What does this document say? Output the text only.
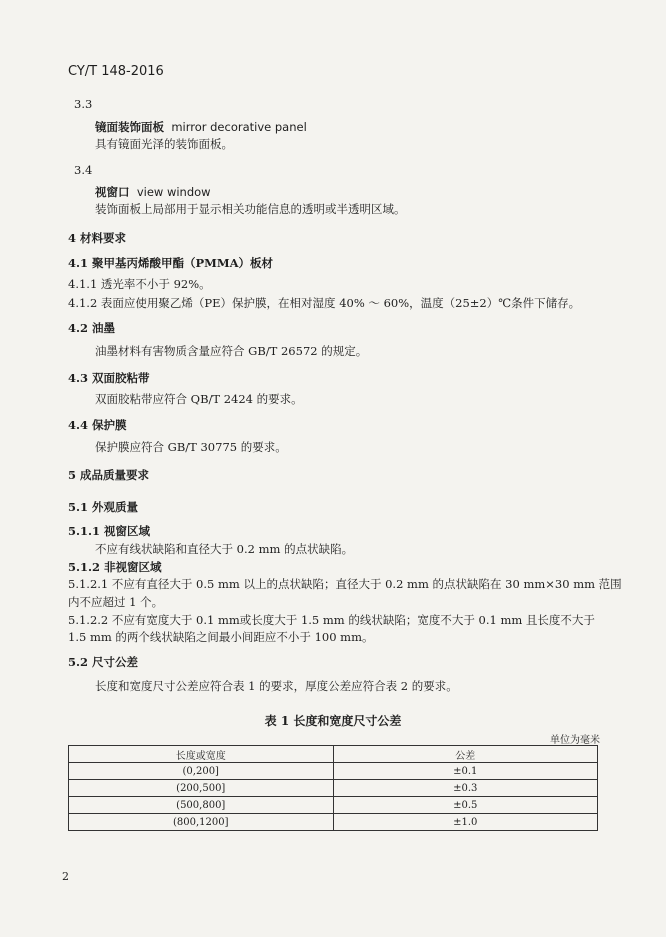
CY/T 148-2016
3.3
镜面装饰面板 mirror decorative panel
具有镜面光泽的装饰面板。
3.4
视窗口 view window
装饰面板上局部用于显示相关功能信息的透明或半透明区域。
4 材料要求
4.1 聚甲基丙烯酸甲酯（PMMA）板材
4.1.1 透光率不小于 92%。
4.1.2 表面应使用聚乙烯（PE）保护膜，在相对湿度 40% ～ 60%，温度（25±2）℃条件下储存。
4.2 油墨
油墨材料有害物质含量应符合 GB/T 26572 的规定。
4.3 双面胶粘带
双面胶粘带应符合 QB/T 2424 的要求。
4.4 保护膜
保护膜应符合 GB/T 30775 的要求。
5 成品质量要求
5.1 外观质量
5.1.1 视窗区域
不应有线状缺陷和直径大于 0.2 mm 的点状缺陷。
5.1.2 非视窗区域
5.1.2.1 不应有直径大于 0.5 mm 以上的点状缺陷；直径大于 0.2 mm 的点状缺陷在 30 mm×30 mm 范围
内不应超过 1 个。
5.1.2.2 不应有宽度大于 0.1 mm或长度大于 1.5 mm 的线状缺陷；宽度不大于 0.1 mm 且长度不大于
1.5 mm 的两个线状缺陷之间最小间距应不小于 100 mm。
5.2 尺寸公差
长度和宽度尺寸公差应符合表 1 的要求，厚度公差应符合表 2 的要求。
表 1 长度和宽度尺寸公差
单位为毫米
长度或宽度	公差
(0,200]	±0.1
(200,500]	±0.3
(500,800]	±0.5
(800,1200]	±1.0
2
